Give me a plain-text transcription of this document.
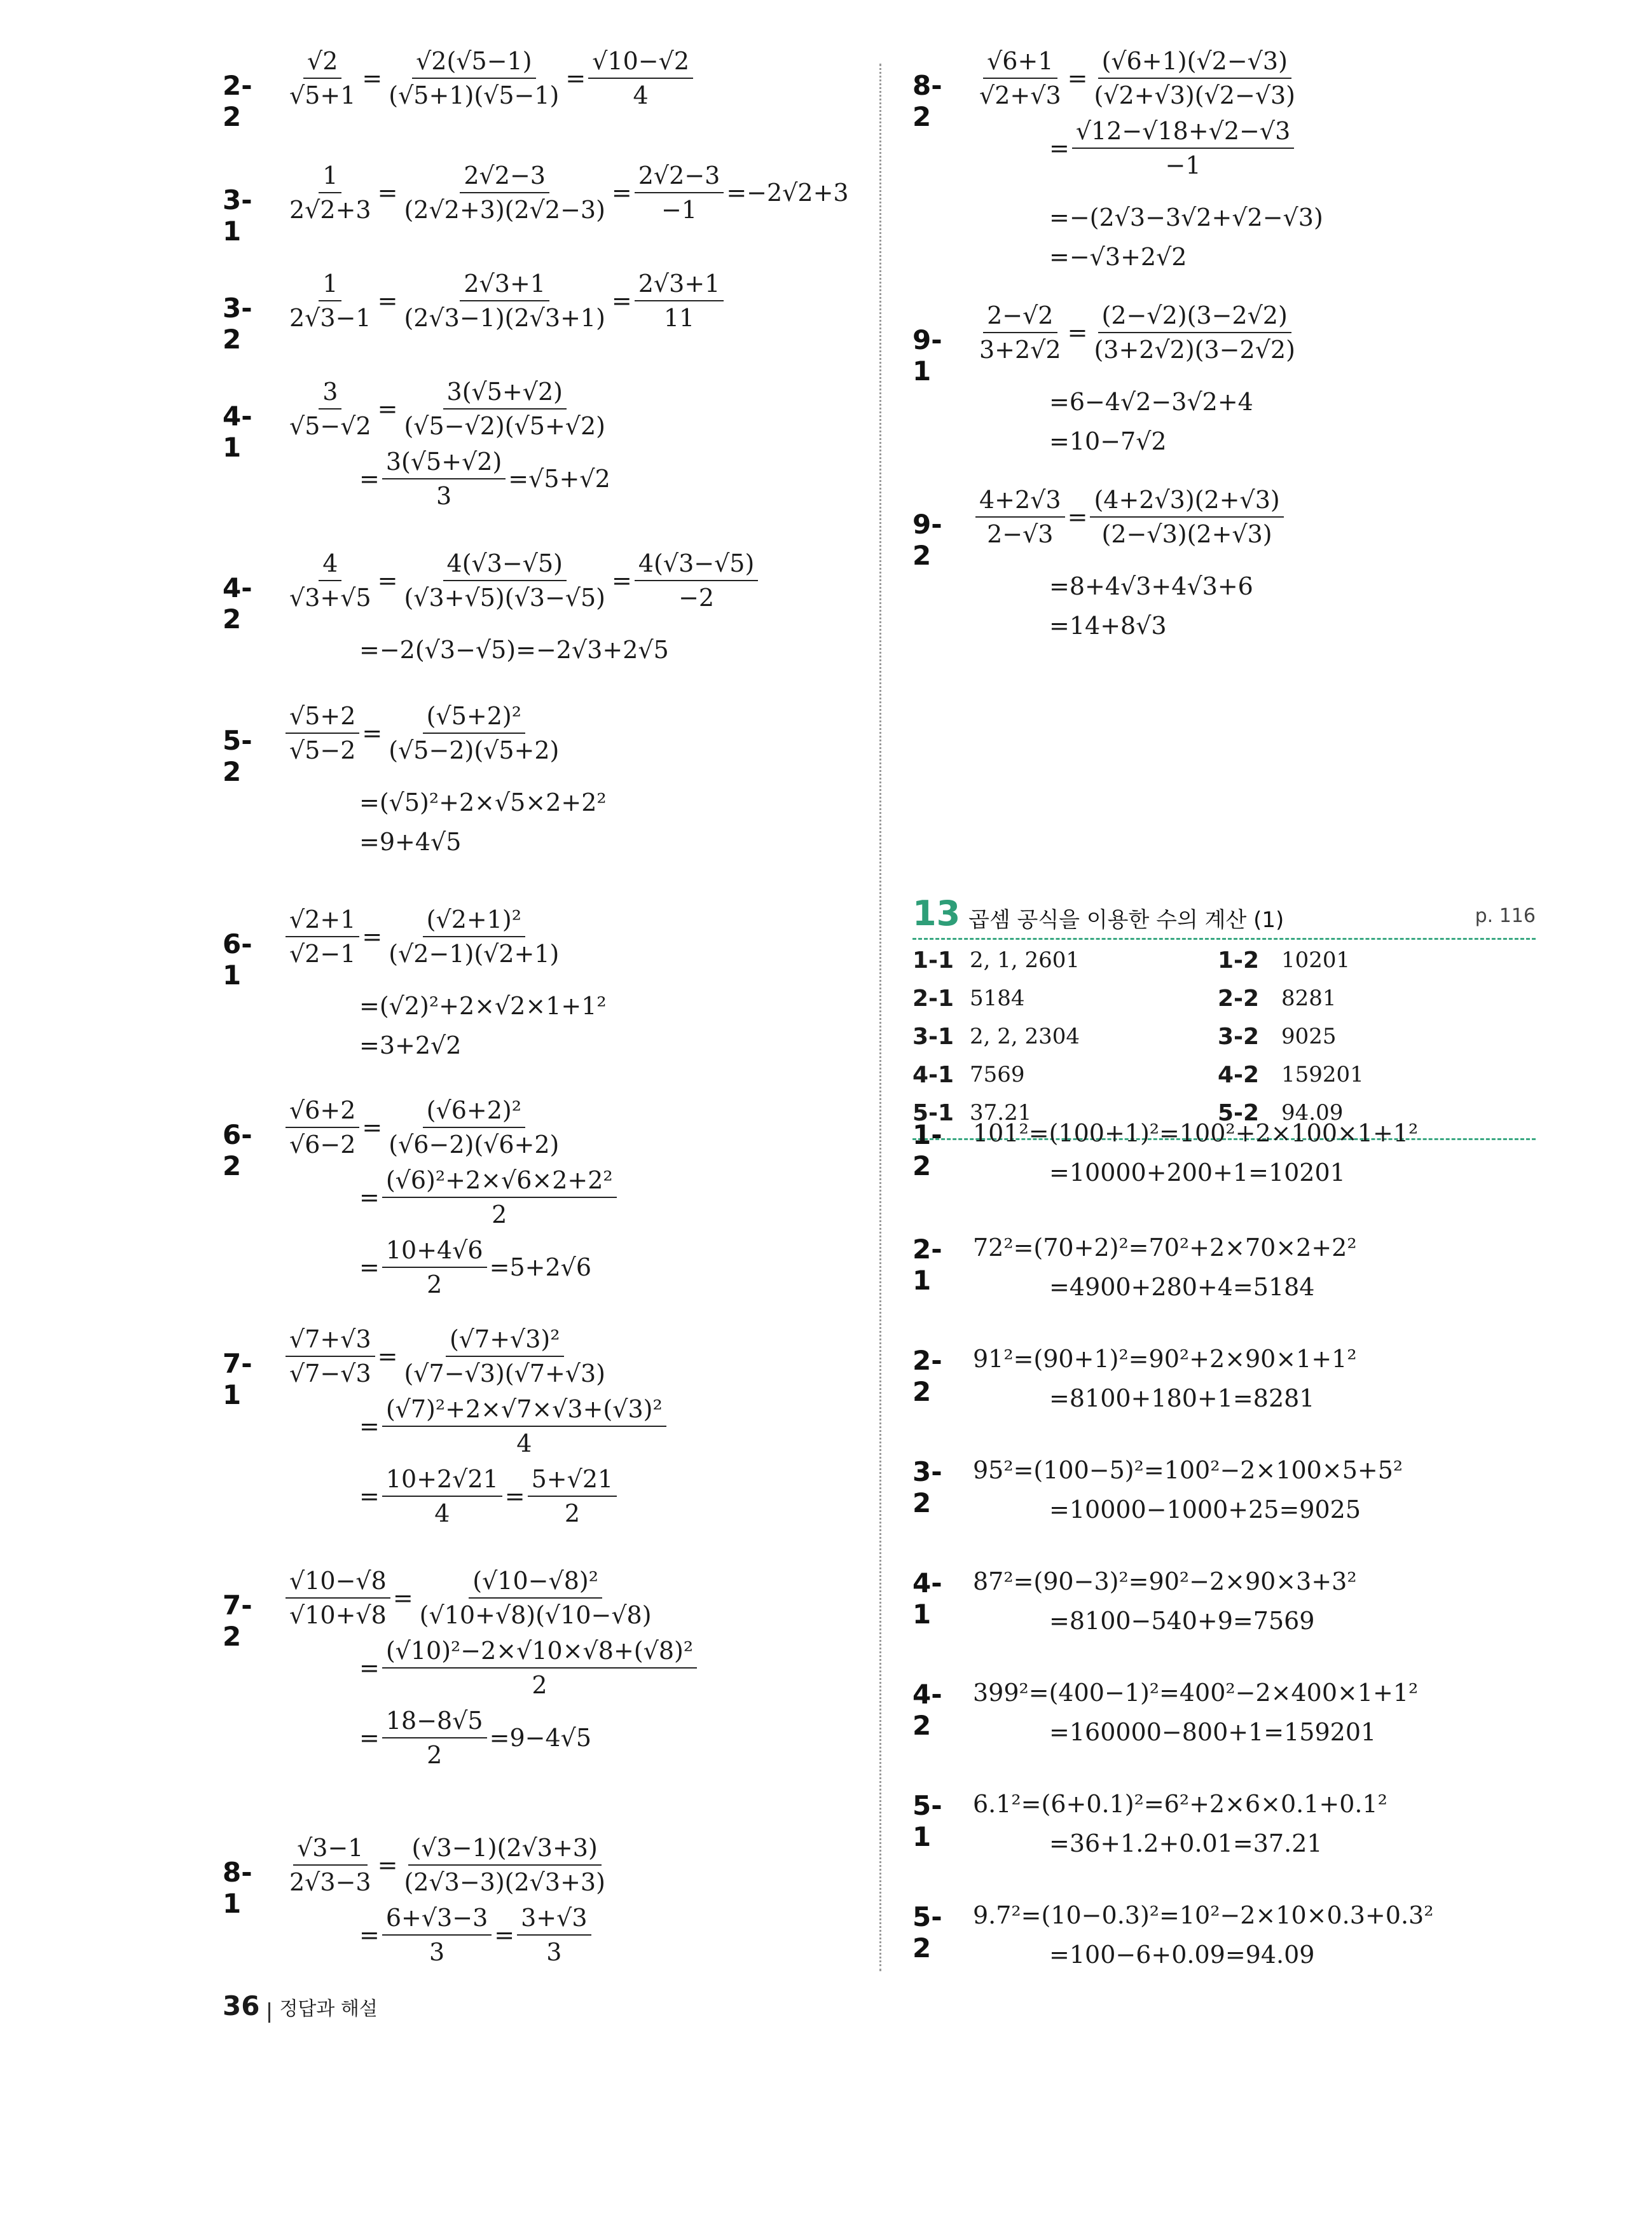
2-2
$\frac{√2}{√5+1} = \frac{√2(√5-1)}{(√5+1)(√5-1)} = \frac{√10-√2}{4}$
3-1
$\frac{1}{2√2+3} = \frac{2√2-3}{(2√2+3)(2√2-3)} = \frac{2√2-3}{-1} =-2√2+3$
3-2
$\frac{1}{2√3-1} = \frac{2√3+1}{(2√3-1)(2√3+1)} = \frac{2√3+1}{11}$
4-1
$\frac{3}{√5-√2} = \frac{3(√5+√2)}{(√5-√2)(√5+√2)}$
= $\frac{3(√5+√2)}{3} =√5+√2$
4-2
$\frac{4}{√3+√5} = \frac{4(√3-√5)}{(√3+√5)(√3-√5)} = \frac{4(√3-√5)}{-2}$
=−2(√3−√5)=−2√3+2√5
5-2
$\frac{√5+2}{√5-2} = \frac{\text{(√5+2)²}}{(√5-2)(√5+2)}$
=(√5)²+2×√5×2+2²
=9+4√5
6-1
$\frac{√2+1}{√2-1} = \frac{\text{(√2+1)²}}{(√2-1)(√2+1)}$
=(√2)²+2×√2×1+1²
=3+2√2
6-2
$\frac{√6+2}{√6-2} = \frac{\text{(√6+2)²}}{(√6-2)(√6+2)}$
= $\frac{\text{(√6)²+2×√6×2+2²}}{2}$
= $\frac{10+4√6}{2} =5+2√6$
7-1
$\frac{√7+√3}{√7-√3} = \frac{\text{(√7+√3)²}}{(√7-√3)(√7+√3)}$
= $\frac{\text{(√7)²+2×√7×√3+(√3)²}}{4}$
= $\frac{10+2√21}{4} = \frac{5+√21}{2}$
7-2
$\frac{√10-√8}{√10+√8} = \frac{\text{(√10−√8)²}}{(√10+√8)(√10-√8)}$
= $\frac{\text{(√10)²−2×√10×√8+(√8)²}}{2}$
= $\frac{18-8√5}{2} =9-4√5$
8-1
$\frac{√3-1}{2√3-3} = \frac{(√3-1)(2√3+3)}{(2√3-3)(2√3+3)}$
= $\frac{6+√3-3}{3} = \frac{3+√3}{3}$
13 곱셈 공식을 이용한 수의 계산 (1)	p. 116
1-1 2, 1, 2601	1-2 10201
2-1 5184	2-2 8281
3-1 2, 2, 2304	3-2 9025
4-1 7569	4-2 159201
5-1 37.21	5-2 94.09
8-2
$\frac{√6+1}{√2+√3} = \frac{(√6+1)(√2-√3)}{(√2+√3)(√2-√3)}$
= $\frac{√12-√18+√2-√3}{-1}$
=−(2√3−3√2+√2−√3)
=−√3+2√2
9-1
$\frac{2-√2}{3+2√2} = \frac{(2-√2)(3-2√2)}{(3+2√2)(3-2√2)}$
=6−4√2−3√2+4
=10−7√2
9-2
$\frac{4+2√3}{2-√3} = \frac{(4+2√3)(2+√3)}{(2-√3)(2+√3)}$
=8+4√3+4√3+6
=14+8√3
1-2
101²=(100+1)²=100²+2×100×1+1²
=10000+200+1=10201
2-1
72²=(70+2)²=70²+2×70×2+2²
=4900+280+4=5184
2-2
91²=(90+1)²=90²+2×90×1+1²
=8100+180+1=8281
3-2
95²=(100−5)²=100²−2×100×5+5²
=10000−1000+25=9025
4-1
87²=(90−3)²=90²−2×90×3+3²
=8100−540+9=7569
4-2
399²=(400−1)²=400²−2×400×1+1²
=160000−800+1=159201
5-1
6.1²=(6+0.1)²=6²+2×6×0.1+0.1²
=36+1.2+0.01=37.21
5-2
9.7²=(10−0.3)²=10²−2×10×0.3+0.3²
=100−6+0.09=94.09
36 정답과 해설
